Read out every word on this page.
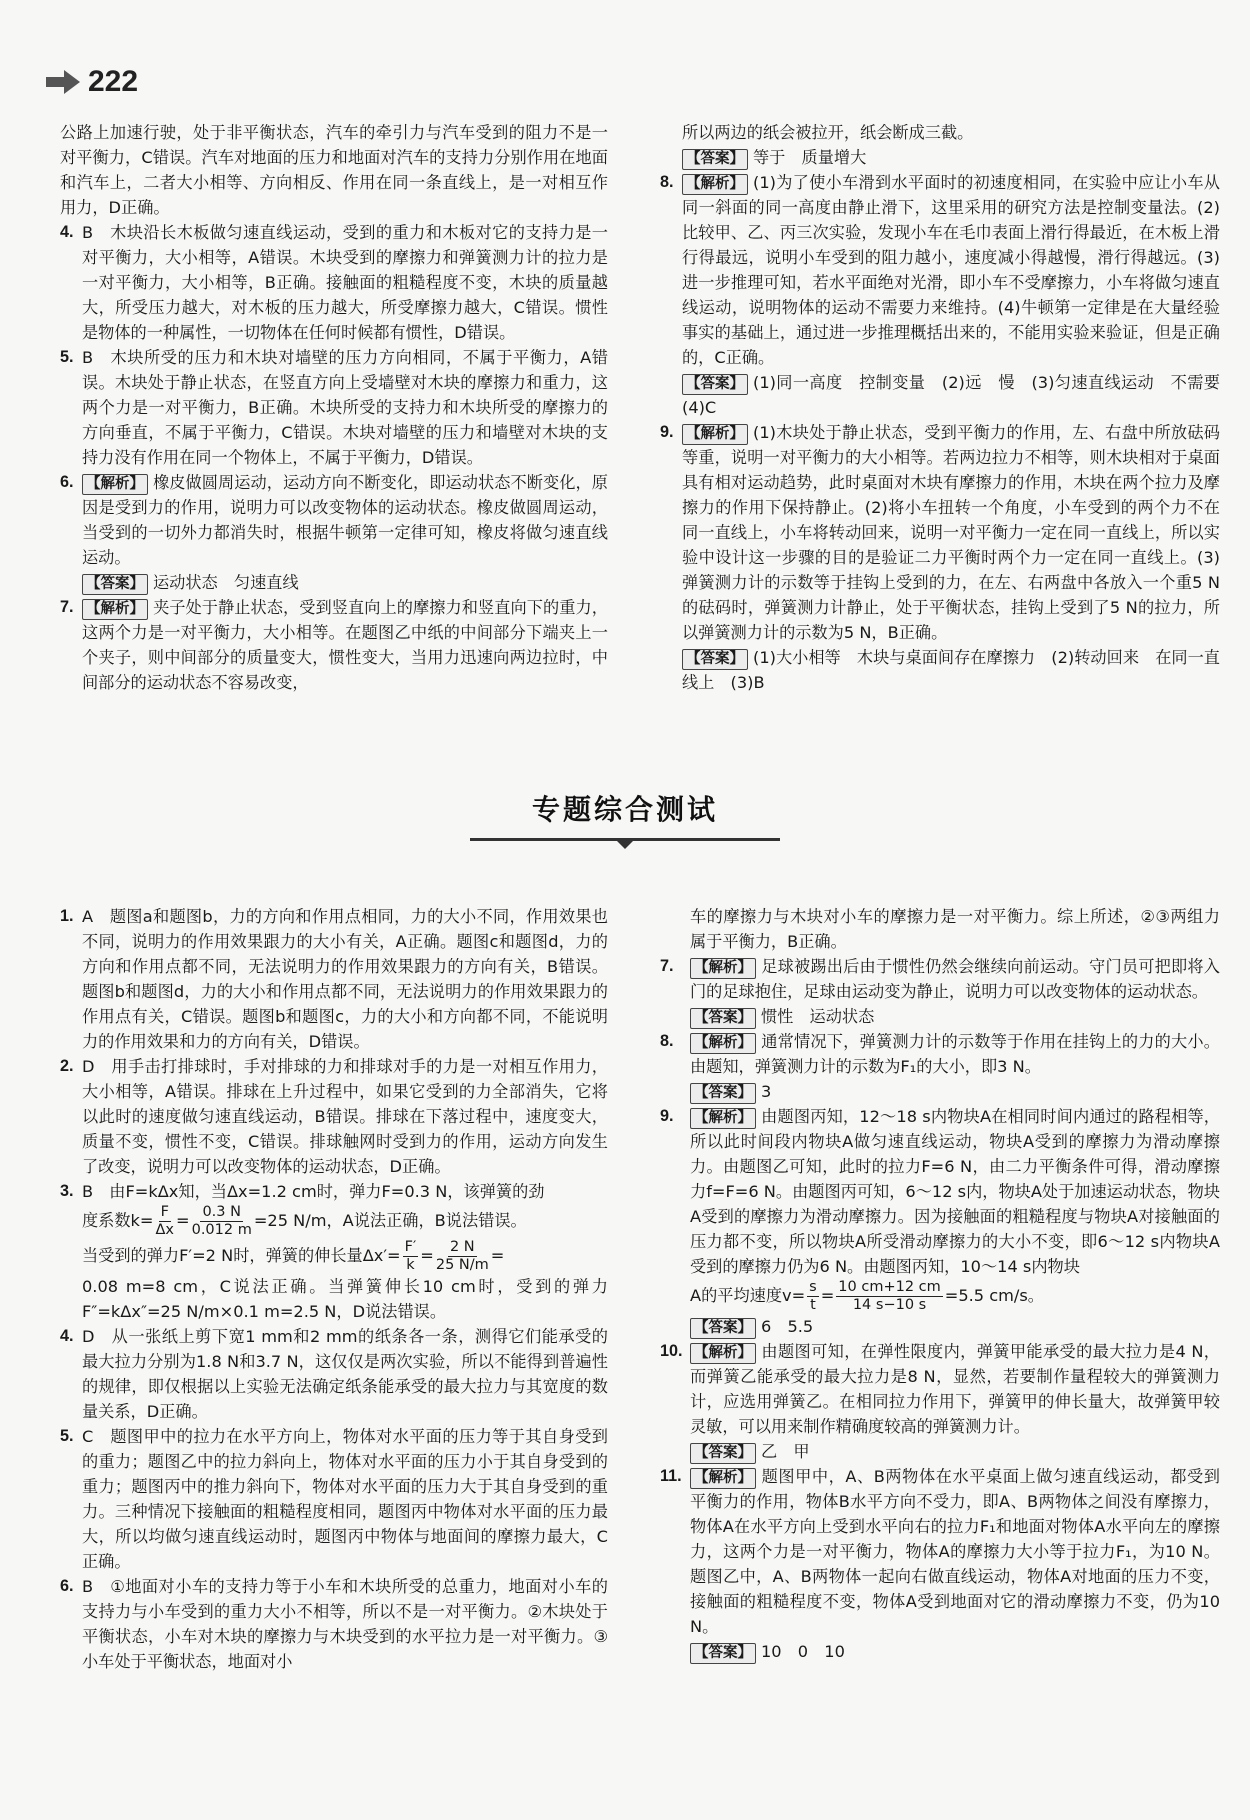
222

公路上加速行驶，处于非平衡状态，汽车的牵引力与汽车受到的阻力不是一对平衡力，C错误。汽车对地面的压力和地面对汽车的支持力分别作用在地面和汽车上，二者大小相等、方向相反、作用在同一条直线上，是一对相互作用力，D正确。

4. B　木块沿长木板做匀速直线运动，受到的重力和木板对它的支持力是一对平衡力，大小相等，A错误。木块受到的摩擦力和弹簧测力计的拉力是一对平衡力，大小相等，B正确。接触面的粗糙程度不变，木块的质量越大，所受压力越大，对木板的压力越大，所受摩擦力越大，C错误。惯性是物体的一种属性，一切物体在任何时候都有惯性，D错误。
5. B　木块所受的压力和木块对墙壁的压力方向相同，不属于平衡力，A错误。木块处于静止状态，在竖直方向上受墙壁对木块的摩擦力和重力，这两个力是一对平衡力，B正确。木块所受的支持力和木块所受的摩擦力的方向垂直，不属于平衡力，C错误。木块对墙壁的压力和墙壁对木块的支持力没有作用在同一个物体上，不属于平衡力，D错误。
6. 【解析】 橡皮做圆周运动，运动方向不断变化，即运动状态不断变化，原因是受到力的作用，说明力可以改变物体的运动状态。橡皮做圆周运动，当受到的一切外力都消失时，根据牛顿第一定律可知，橡皮将做匀速直线运动。
【答案】 运动状态　匀速直线
7. 【解析】 夹子处于静止状态，受到竖直向上的摩擦力和竖直向下的重力，这两个力是一对平衡力，大小相等。在题图乙中纸的中间部分下端夹上一个夹子，则中间部分的质量变大，惯性变大，当用力迅速向两边拉时，中间部分的运动状态不容易改变，

所以两边的纸会被拉开，纸会断成三截。

【答案】 等于　质量增大
8. 【解析】 (1)为了使小车滑到水平面时的初速度相同，在实验中应让小车从同一斜面的同一高度由静止滑下，这里采用的研究方法是控制变量法。(2)比较甲、乙、丙三次实验，发现小车在毛巾表面上滑行得最近，在木板上滑行得最远，说明小车受到的阻力越小，速度减小得越慢，滑行得越远。(3)进一步推理可知，若水平面绝对光滑，即小车不受摩擦力，小车将做匀速直线运动，说明物体的运动不需要力来维持。(4)牛顿第一定律是在大量经验事实的基础上，通过进一步推理概括出来的，不能用实验来验证，但是正确的，C正确。
【答案】 (1)同一高度　控制变量　(2)远　慢　(3)匀速直线运动　不需要　(4)C
9. 【解析】 (1)木块处于静止状态，受到平衡力的作用，左、右盘中所放砝码等重，说明一对平衡力的大小相等。若两边拉力不相等，则木块相对于桌面具有相对运动趋势，此时桌面对木块有摩擦力的作用，木块在两个拉力及摩擦力的作用下保持静止。(2)将小车扭转一个角度，小车受到的两个力不在同一直线上，小车将转动回来，说明一对平衡力一定在同一直线上，所以实验中设计这一步骤的目的是验证二力平衡时两个力一定在同一直线上。(3)弹簧测力计的示数等于挂钩上受到的力，在左、右两盘中各放入一个重5 N的砝码时，弹簧测力计静止，处于平衡状态，挂钩上受到了5 N的拉力，所以弹簧测力计的示数为5 N，B正确。
【答案】 (1)大小相等　木块与桌面间存在摩擦力　(2)转动回来　在同一直线上　(3)B
专题综合测试
1. A　题图a和题图b，力的方向和作用点相同，力的大小不同，作用效果也不同，说明力的作用效果跟力的大小有关，A正确。题图c和题图d，力的方向和作用点都不同，无法说明力的作用效果跟力的方向有关，B错误。题图b和题图d，力的大小和作用点都不同，无法说明力的作用效果跟力的作用点有关，C错误。题图b和题图c，力的大小和方向都不同，不能说明力的作用效果和力的方向有关，D错误。
2. D　用手击打排球时，手对排球的力和排球对手的力是一对相互作用力，大小相等，A错误。排球在上升过程中，如果它受到的力全部消失，它将以此时的速度做匀速直线运动，B错误。排球在下落过程中，速度变大，质量不变，惯性不变，C错误。排球触网时受到力的作用，运动方向发生了改变，说明力可以改变物体的运动状态，D正确。
3. B　由F=kΔx知，当Δx=1.2 cm时，弹力F=0.3 N，该弹簧的劲
度系数$k= \frac{F}{\Delta x} = \frac{0.3 N}{0.012 m} =25$ N/m，A说法正确，B说法错误。
当受到的弹力F′=2 N时，弹簧的伸长量$\Delta x'= \frac{F'}{k} = \frac{2 N}{25 N/m}$ =
0.08 m=8 cm，C说法正确。当弹簧伸长10 cm时，受到的弹力F″=kΔx″=25 N/m×0.1 m=2.5 N，D说法错误。
4. D　从一张纸上剪下宽1 mm和2 mm的纸条各一条，测得它们能承受的最大拉力分别为1.8 N和3.7 N，这仅仅是两次实验，所以不能得到普遍性的规律，即仅根据以上实验无法确定纸条能承受的最大拉力与其宽度的数量关系，D正确。
5. C　题图甲中的拉力在水平方向上，物体对水平面的压力等于其自身受到的重力；题图乙中的拉力斜向上，物体对水平面的压力小于其自身受到的重力；题图丙中的推力斜向下，物体对水平面的压力大于其自身受到的重力。三种情况下接触面的粗糙程度相同，题图丙中物体对水平面的压力最大，所以均做匀速直线运动时，题图丙中物体与地面间的摩擦力最大，C正确。
6. B　①地面对小车的支持力等于小车和木块所受的总重力，地面对小车的支持力与小车受到的重力大小不相等，所以不是一对平衡力。②木块处于平衡状态，小车对木块的摩擦力与木块受到的水平拉力是一对平衡力。③小车处于平衡状态，地面对小

车的摩擦力与木块对小车的摩擦力是一对平衡力。综上所述，②③两组力属于平衡力，B正确。

7. 【解析】 足球被踢出后由于惯性仍然会继续向前运动。守门员可把即将入门的足球抱住，足球由运动变为静止，说明力可以改变物体的运动状态。
【答案】 惯性　运动状态
8. 【解析】 通常情况下，弹簧测力计的示数等于作用在挂钩上的力的大小。由题知，弹簧测力计的示数为F₁的大小，即3 N。
【答案】 3
9. 【解析】 由题图丙知，12～18 s内物块A在相同时间内通过的路程相等，所以此时间段内物块A做匀速直线运动，物块A受到的摩擦力为滑动摩擦力。由题图乙可知，此时的拉力F=6 N，由二力平衡条件可得，滑动摩擦力f=F=6 N。由题图丙可知，6～12 s内，物块A处于加速运动状态，物块A受到的摩擦力为滑动摩擦力。因为接触面的粗糙程度与物块A对接触面的压力都不变，所以物块A所受滑动摩擦力的大小不变，即6～12 s内物块A受到的摩擦力仍为6 N。由题图丙知，10～14 s内物块
A的平均速度$v= \frac{s}{t} = \frac{10 cm+12 cm}{14 s-10 s} =5.5$ cm/s。
【答案】 6　5.5
10. 【解析】 由题图可知，在弹性限度内，弹簧甲能承受的最大拉力是4 N，而弹簧乙能承受的最大拉力是8 N，显然，若要制作量程较大的弹簧测力计，应选用弹簧乙。在相同拉力作用下，弹簧甲的伸长量大，故弹簧甲较灵敏，可以用来制作精确度较高的弹簧测力计。
【答案】 乙　甲
11. 【解析】 题图甲中，A、B两物体在水平桌面上做匀速直线运动，都受到平衡力的作用，物体B水平方向不受力，即A、B两物体之间没有摩擦力，物体A在水平方向上受到水平向右的拉力F₁和地面对物体A水平向左的摩擦力，这两个力是一对平衡力，物体A的摩擦力大小等于拉力F₁，为10 N。题图乙中，A、B两物体一起向右做直线运动，物体A对地面的压力不变，接触面的粗糙程度不变，物体A受到地面对它的滑动摩擦力不变，仍为10 N。
【答案】 10　0　10
